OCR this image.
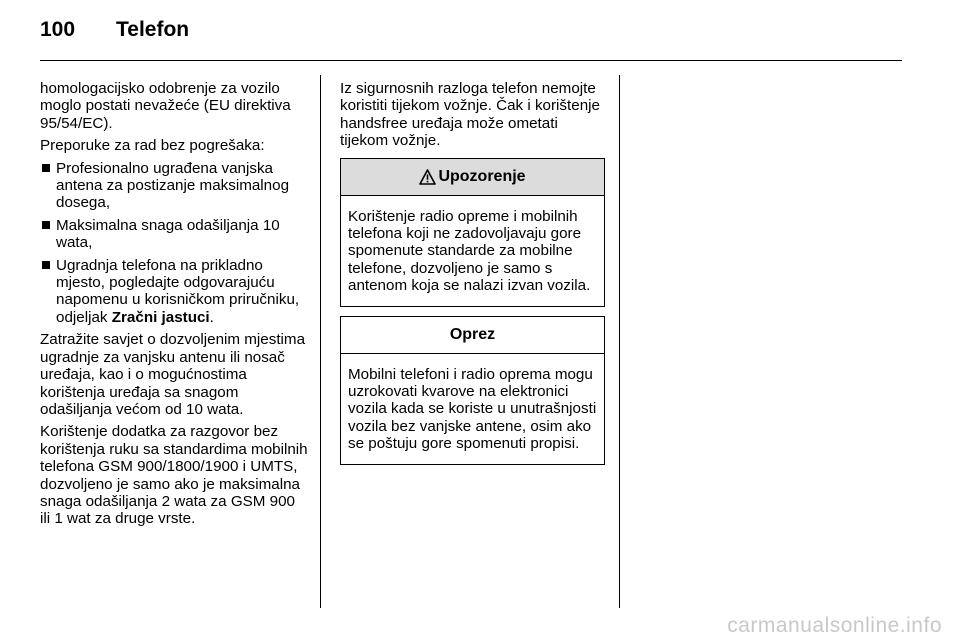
100 Telefon

homologacijsko odobrenje za vozilo moglo postati nevažeće (EU direktiva 95/54/EC).

Preporuke za rad bez pogrešaka:

Profesionalno ugrađena vanjska antena za postizanje maksimalnog dosega,
Maksimalna snaga odašiljanja 10 wata,
Ugradnja telefona na prikladno mjesto, pogledajte odgovarajuću napomenu u korisničkom priručniku, odjeljak Zračni jastuci.

Zatražite savjet o dozvoljenim mjestima ugradnje za vanjsku antenu ili nosač uređaja, kao i o mogućnostima korištenja uređaja sa snagom odašiljanja većom od 10 wata.

Korištenje dodatka za razgovor bez korištenja ruku sa standardima mobilnih telefona GSM 900/1800/1900 i UMTS, dozvoljeno je samo ako je maksimalna snaga odašiljanja 2 wata za GSM 900 ili 1 wat za druge vrste.

Iz sigurnosnih razloga telefon nemojte koristiti tijekom vožnje. Čak i korištenje handsfree uređaja može ometati tijekom vožnje.

Upozorenje
Korištenje radio opreme i mobilnih telefona koji ne zadovoljavaju gore spomenute standarde za mobilne telefone, dozvoljeno je samo s antenom koja se nalazi izvan vozila.
Oprez
Mobilni telefoni i radio oprema mogu uzrokovati kvarove na elektronici vozila kada se koriste u unutrašnjosti vozila bez vanjske antene, osim ako se poštuju gore spomenuti propisi.
carmanualsonline.info
